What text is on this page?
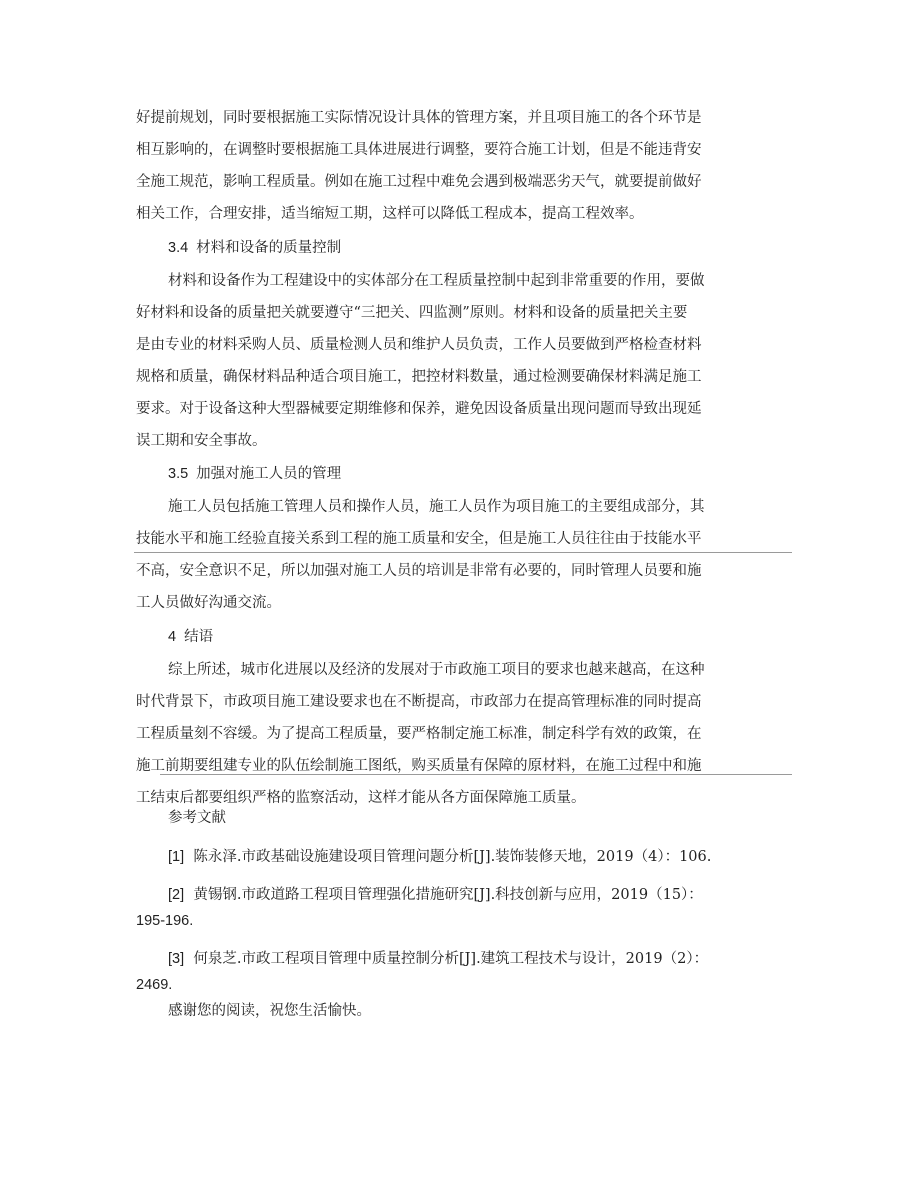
好提前规划，同时要根据施工实际情况设计具体的管理方案，并且项目施工的各个环节是
相互影响的，在调整时要根据施工具体进展进行调整，要符合施工计划，但是不能违背安
全施工规范，影响工程质量。例如在施工过程中难免会遇到极端恶劣天气，就要提前做好
相关工作，合理安排，适当缩短工期，这样可以降低工程成本，提高工程效率。
3.4 材料和设备的质量控制
材料和设备作为工程建设中的实体部分在工程质量控制中起到非常重要的作用，要做
好材料和设备的质量把关就要遵守“三把关、四监测”原则。材料和设备的质量把关主要
是由专业的材料采购人员、质量检测人员和维护人员负责，工作人员要做到严格检查材料
规格和质量，确保材料品种适合项目施工，把控材料数量，通过检测要确保材料满足施工
要求。对于设备这种大型器械要定期维修和保养，避免因设备质量出现问题而导致出现延
误工期和安全事故。
3.5 加强对施工人员的管理
施工人员包括施工管理人员和操作人员，施工人员作为项目施工的主要组成部分，其
技能水平和施工经验直接关系到工程的施工质量和安全，但是施工人员往往由于技能水平
不高，安全意识不足，所以加强对施工人员的培训是非常有必要的，同时管理人员要和施
工人员做好沟通交流。
4 结语
综上所述，城市化进展以及经济的发展对于市政施工项目的要求也越来越高，在这种
时代背景下，市政项目施工建设要求也在不断提高，市政部力在提高管理标准的同时提高
工程质量刻不容缓。为了提高工程质量，要严格制定施工标准，制定科学有效的政策，在
施工前期要组建专业的队伍绘制施工图纸，购买质量有保障的原材料，在施工过程中和施
工结束后都要组织严格的监察活动，这样才能从各方面保障施工质量。
参考文献
[1] 陈永泽.市政基础设施建设项目管理问题分析[J].装饰装修天地，2019（4）：106.
[2] 黄锡钢.市政道路工程项目管理强化措施研究[J].科技创新与应用，2019（15）：
195-196.
[3] 何泉芝.市政工程项目管理中质量控制分析[J].建筑工程技术与设计，2019（2）：
2469.
感谢您的阅读，祝您生活愉快。
